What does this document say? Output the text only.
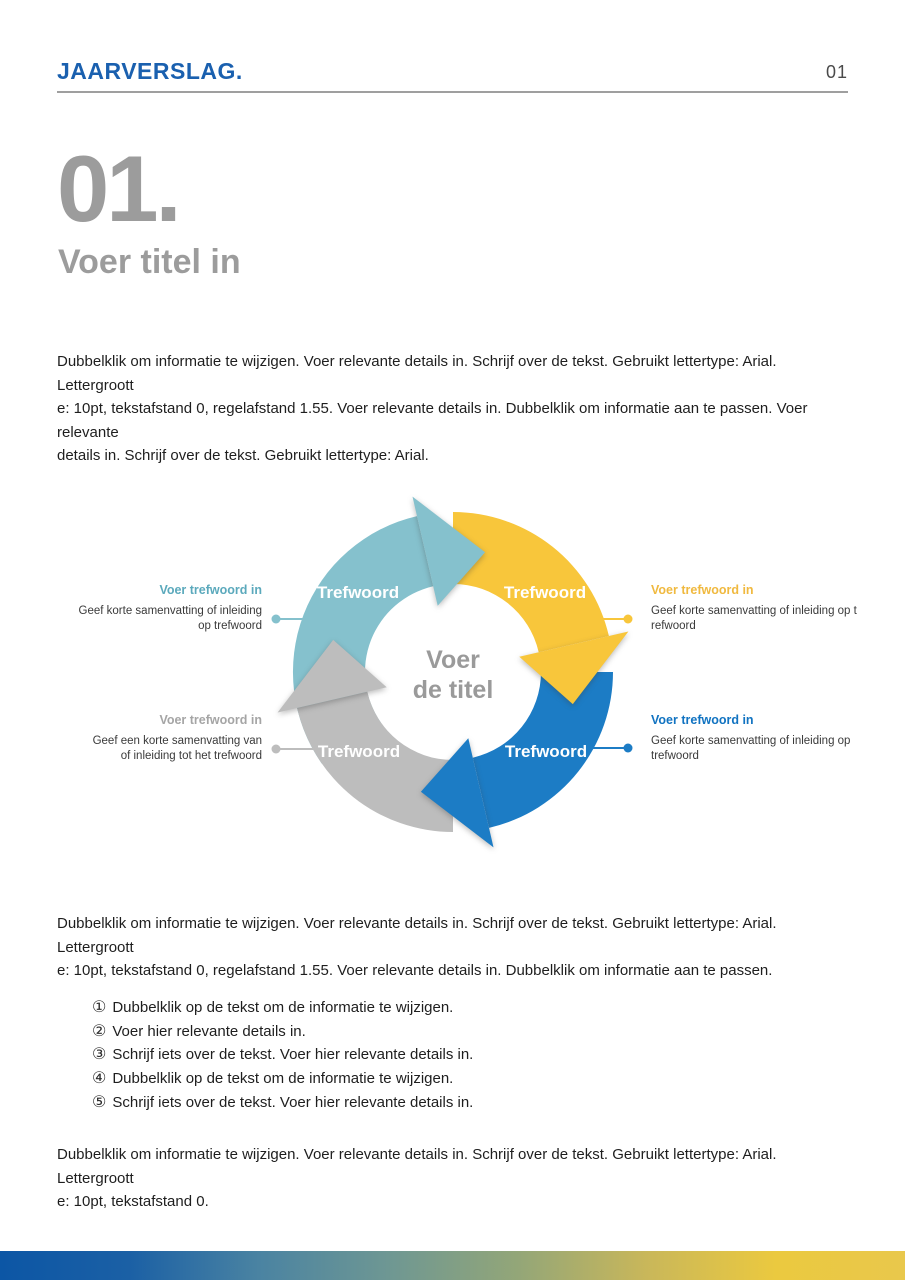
JAARVERSLAG.	01
01.
Voer titel in
Dubbelklik om informatie te wijzigen. Voer relevante details in. Schrijf over de tekst. Gebruikt lettertype: Arial. Lettergroott
e: 10pt, tekstafstand 0, regelafstand 1.55. Voer relevante details in. Dubbelklik om informatie aan te passen. Voer relevante
details in. Schrijf over de tekst. Gebruikt lettertype: Arial.
Trefwoord	Trefwoord
Trefwoord
Trefwoord
Voer
de titel
Voer trefwoord in
Geef korte samenvatting of inleiding
op trefwoord
Voer trefwoord in
Geef korte samenvatting of inleiding op t
refwoord
Voer trefwoord in
Geef een korte samenvatting van
of inleiding tot het trefwoord
Voer trefwoord in
Geef korte samenvatting of inleiding op
trefwoord
Dubbelklik om informatie te wijzigen. Voer relevante details in. Schrijf over de tekst. Gebruikt lettertype: Arial. Lettergroott
e: 10pt, tekstafstand 0, regelafstand 1.55. Voer relevante details in. Dubbelklik om informatie aan te passen.
① Dubbelklik op de tekst om de informatie te wijzigen.
② Voer hier relevante details in.
③ Schrijf iets over de tekst. Voer hier relevante details in.
④ Dubbelklik op de tekst om de informatie te wijzigen.
⑤ Schrijf iets over de tekst. Voer hier relevante details in.
Dubbelklik om informatie te wijzigen. Voer relevante details in. Schrijf over de tekst. Gebruikt lettertype: Arial. Lettergroott
e: 10pt, tekstafstand 0.
